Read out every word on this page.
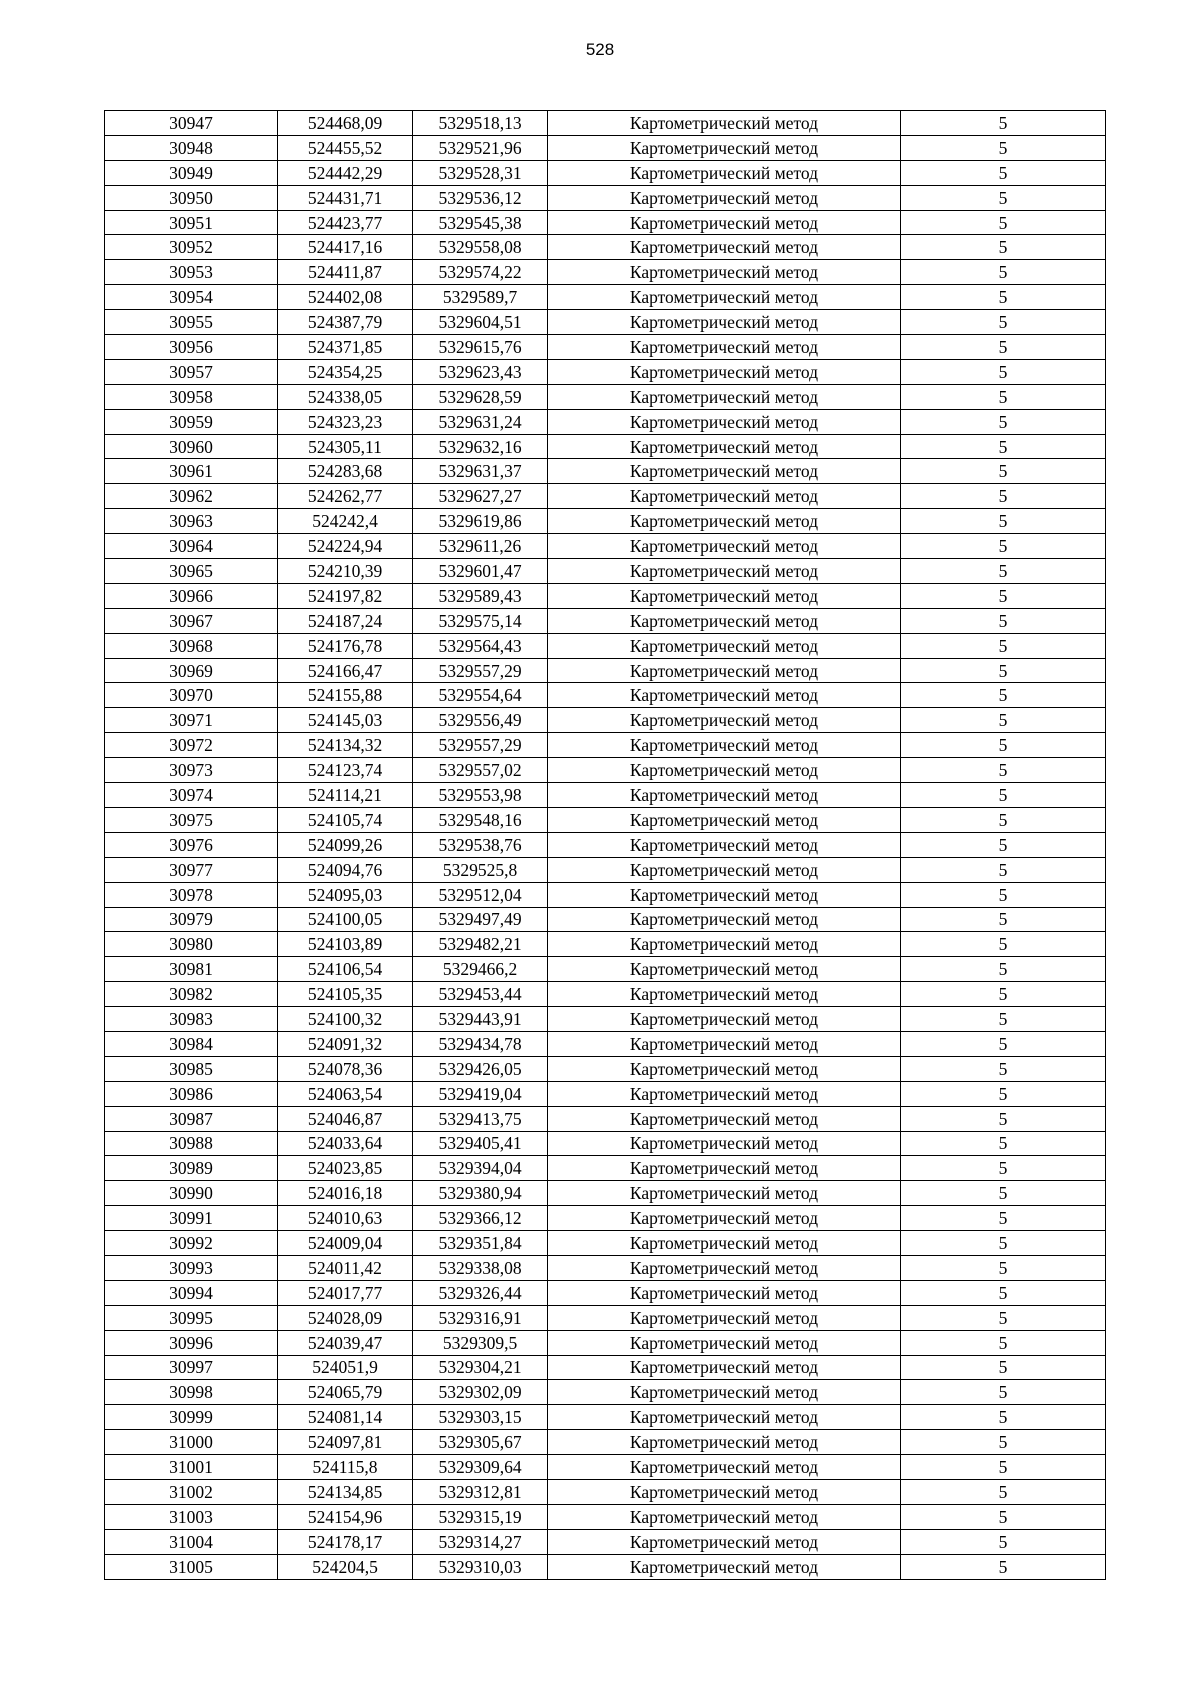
528
30947	524468,09	5329518,13	Картометрический метод	5
30948	524455,52	5329521,96	Картометрический метод	5
30949	524442,29	5329528,31	Картометрический метод	5
30950	524431,71	5329536,12	Картометрический метод	5
30951	524423,77	5329545,38	Картометрический метод	5
30952	524417,16	5329558,08	Картометрический метод	5
30953	524411,87	5329574,22	Картометрический метод	5
30954	524402,08	5329589,7	Картометрический метод	5
30955	524387,79	5329604,51	Картометрический метод	5
30956	524371,85	5329615,76	Картометрический метод	5
30957	524354,25	5329623,43	Картометрический метод	5
30958	524338,05	5329628,59	Картометрический метод	5
30959	524323,23	5329631,24	Картометрический метод	5
30960	524305,11	5329632,16	Картометрический метод	5
30961	524283,68	5329631,37	Картометрический метод	5
30962	524262,77	5329627,27	Картометрический метод	5
30963	524242,4	5329619,86	Картометрический метод	5
30964	524224,94	5329611,26	Картометрический метод	5
30965	524210,39	5329601,47	Картометрический метод	5
30966	524197,82	5329589,43	Картометрический метод	5
30967	524187,24	5329575,14	Картометрический метод	5
30968	524176,78	5329564,43	Картометрический метод	5
30969	524166,47	5329557,29	Картометрический метод	5
30970	524155,88	5329554,64	Картометрический метод	5
30971	524145,03	5329556,49	Картометрический метод	5
30972	524134,32	5329557,29	Картометрический метод	5
30973	524123,74	5329557,02	Картометрический метод	5
30974	524114,21	5329553,98	Картометрический метод	5
30975	524105,74	5329548,16	Картометрический метод	5
30976	524099,26	5329538,76	Картометрический метод	5
30977	524094,76	5329525,8	Картометрический метод	5
30978	524095,03	5329512,04	Картометрический метод	5
30979	524100,05	5329497,49	Картометрический метод	5
30980	524103,89	5329482,21	Картометрический метод	5
30981	524106,54	5329466,2	Картометрический метод	5
30982	524105,35	5329453,44	Картометрический метод	5
30983	524100,32	5329443,91	Картометрический метод	5
30984	524091,32	5329434,78	Картометрический метод	5
30985	524078,36	5329426,05	Картометрический метод	5
30986	524063,54	5329419,04	Картометрический метод	5
30987	524046,87	5329413,75	Картометрический метод	5
30988	524033,64	5329405,41	Картометрический метод	5
30989	524023,85	5329394,04	Картометрический метод	5
30990	524016,18	5329380,94	Картометрический метод	5
30991	524010,63	5329366,12	Картометрический метод	5
30992	524009,04	5329351,84	Картометрический метод	5
30993	524011,42	5329338,08	Картометрический метод	5
30994	524017,77	5329326,44	Картометрический метод	5
30995	524028,09	5329316,91	Картометрический метод	5
30996	524039,47	5329309,5	Картометрический метод	5
30997	524051,9	5329304,21	Картометрический метод	5
30998	524065,79	5329302,09	Картометрический метод	5
30999	524081,14	5329303,15	Картометрический метод	5
31000	524097,81	5329305,67	Картометрический метод	5
31001	524115,8	5329309,64	Картометрический метод	5
31002	524134,85	5329312,81	Картометрический метод	5
31003	524154,96	5329315,19	Картометрический метод	5
31004	524178,17	5329314,27	Картометрический метод	5
31005	524204,5	5329310,03	Картометрический метод	5
